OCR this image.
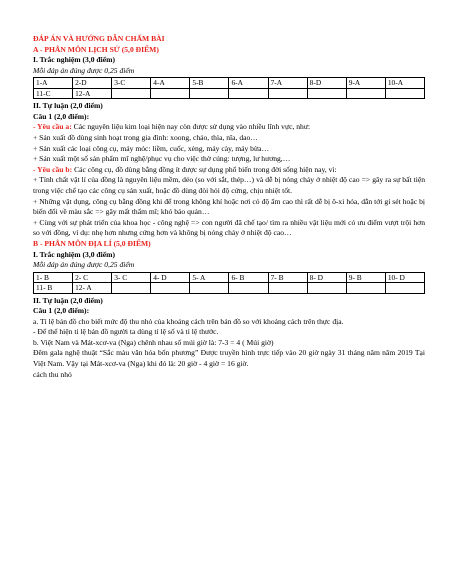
ĐÁP ÁN VÀ HƯỚNG DẪN CHẤM BÀI
A - PHÂN MÔN LỊCH SỬ (5,0 ĐIỂM)
I. Trắc nghiệm (3,0 điểm)
Mỗi đáp án đúng được 0,25 điểm
1-A	2-D	3-C	4-A	5-B	6-A	7-A	8-D	9-A	10-A
11-C	12-A								
II. Tự luận (2,0 điểm)
Câu 1 (2,0 điểm):
- Yêu cầu a: Các nguyên liệu kim loại hiện nay còn được sử dụng vào nhiều lĩnh vực, như:
+ Sản xuất đồ dùng sinh hoạt trong gia đình: xoong, chảo, thìa, nĩa, dao…
+ Sản xuất các loại công cụ, máy móc: liềm, cuốc, xẻng, máy cày, máy bừa…
+ Sản xuất một số sản phẩm mĩ nghệ/phục vụ cho việc thờ cúng: tượng, lư hương,…
- Yêu cầu b: Các công cụ, đồ dùng bằng đồng ít được sự dụng phổ biến trong đời sống hiện nay, vì:
+ Tính chất vật lí của đồng là nguyên liệu mềm, dẻo (so với sắt, thép…) và dễ bị nóng chảy ở nhiệt độ cao => gây ra sự bất tiện trong việc chế tạo các công cụ sản xuất, hoặc đồ dùng đòi hỏi độ cứng, chịu nhiệt tốt.
+ Những vật dụng, công cụ bằng đồng khi để trong không khí hoặc nơi có độ ẩm cao thì rất dễ bị ô-xi hóa, dẫn tới gỉ sét hoặc bị biến đổi về màu sắc => gây mất thẩm mĩ; khó bảo quản…
+ Cùng với sự phát triển của khoa học - công nghệ => con người đã chế tạo/ tìm ra nhiều vật liệu mới có ưu điểm vượt trội hơn so với đồng, ví dụ: nhẹ hơn nhưng cứng hơn và không bị nóng chảy ở nhiệt độ cao…
B - PHÂN MÔN ĐỊA LÍ (5,0 ĐIỂM)
I. Trắc nghiệm (3,0 điểm)
Mỗi đáp án đúng được 0,25 điểm
1- B	2- C	3- C	4- D	5- A	6- B	7- B	8- D	9- B	10- D
11- B	12- A								
II. Tự luận (2,0 điểm)
Câu 1 (2,0 điểm):
a. Tỉ lệ bản đồ cho biết mức độ thu nhỏ của khoảng cách trên bản đồ so với khoảng cách trên thực địa.
- Để thể hiện tỉ lệ bản đồ người ta dùng tỉ lệ số và tỉ lệ thước.
b. Việt Nam và Mát-xcơ-va (Nga) chênh nhau số múi giờ là: 7-3 = 4 ( Múi giờ)
Đêm gala nghệ thuật “Sắc màu văn hóa bốn phương” Được truyền hình trực tiếp vào 20 giờ ngày 31 tháng năm năm 2019 Tại Việt Nam. Vậy tại Mát-xcơ-va (Nga) khi đó là: 20 giờ - 4 giờ = 16 giờ.
cách thu nhỏ
